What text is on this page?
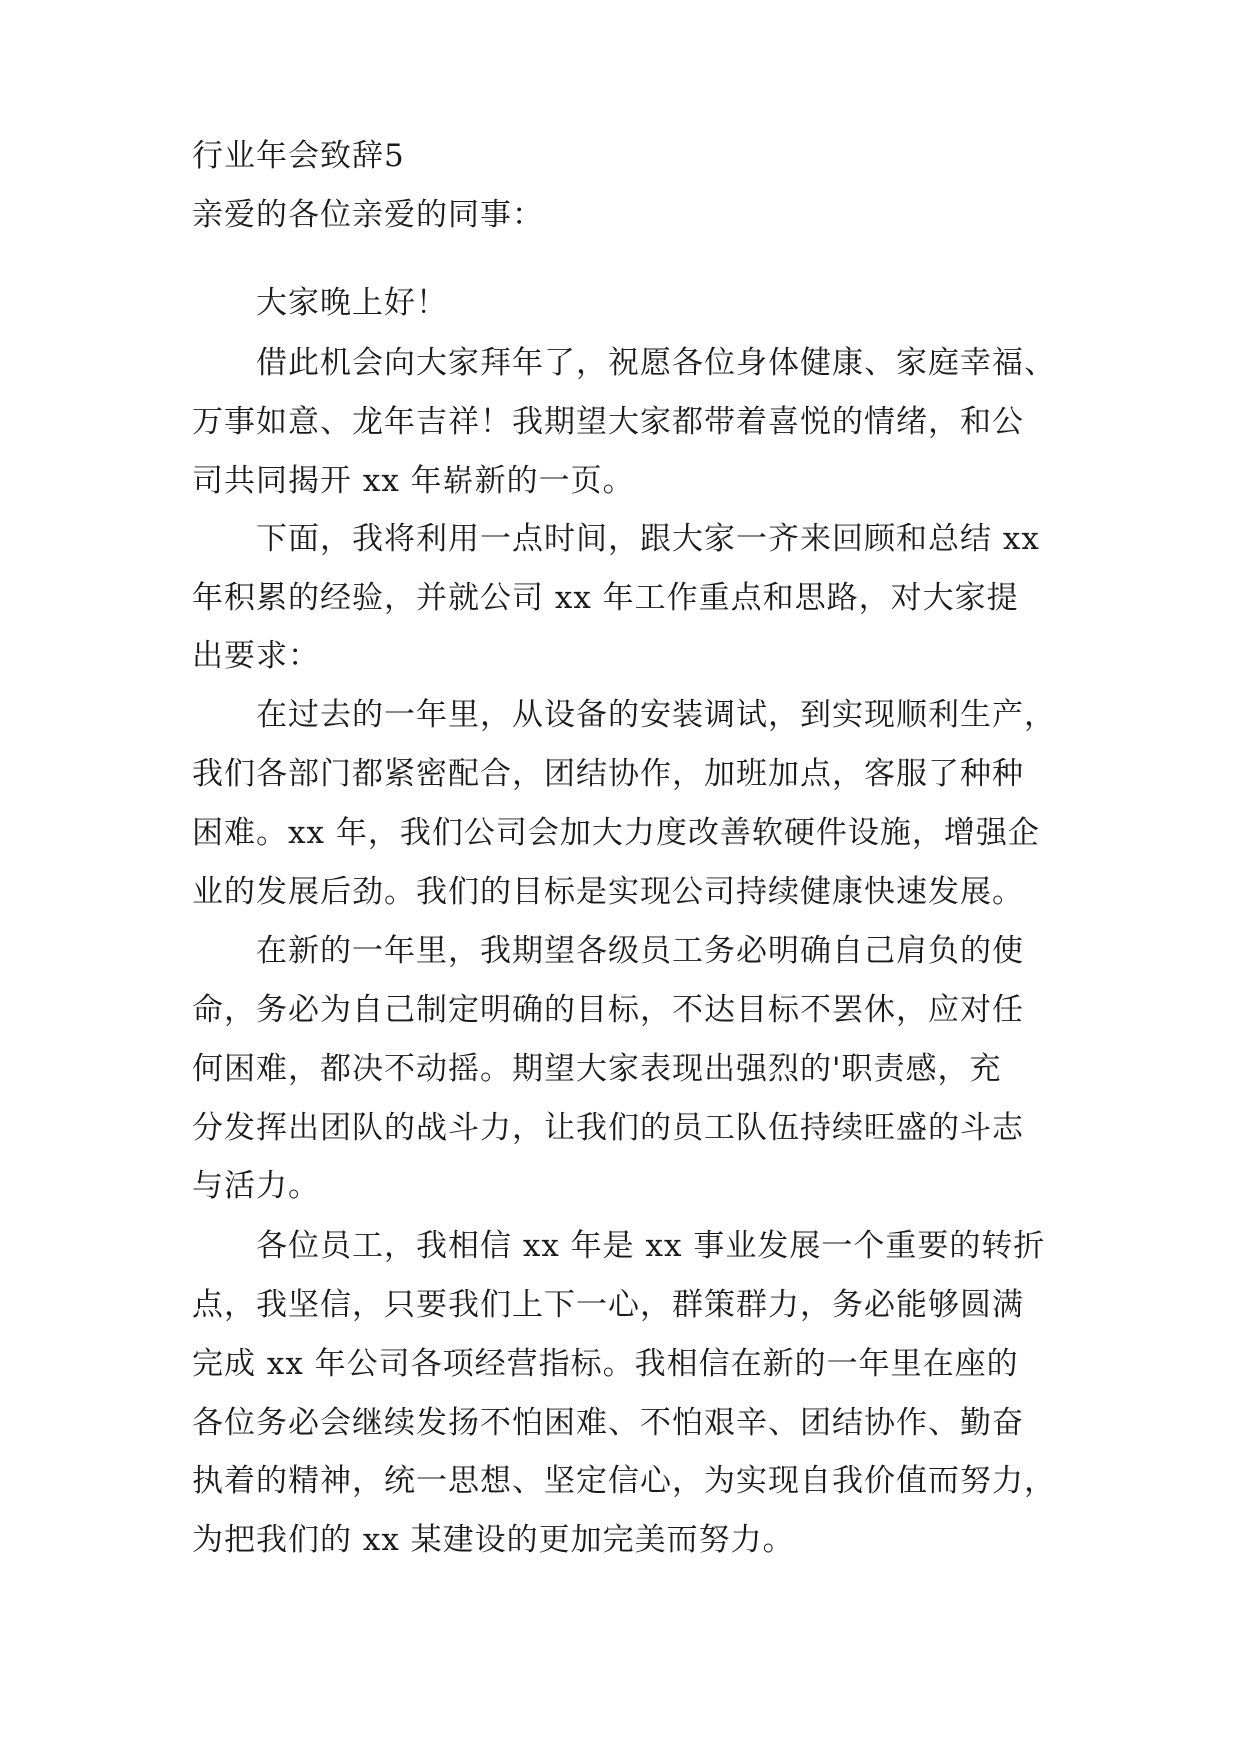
行业年会致辞5
亲爱的各位亲爱的同事：
大家晚上好！
借此机会向大家拜年了，祝愿各位身体健康、家庭幸福、
万事如意、龙年吉祥！我期望大家都带着喜悦的情绪，和公
司共同揭开 xx 年崭新的一页。
下面，我将利用一点时间，跟大家一齐来回顾和总结 xx
年积累的经验，并就公司 xx 年工作重点和思路，对大家提
出要求：
在过去的一年里，从设备的安装调试，到实现顺利生产，
我们各部门都紧密配合，团结协作，加班加点，客服了种种
困难。xx 年，我们公司会加大力度改善软硬件设施，增强企
业的发展后劲。我们的目标是实现公司持续健康快速发展。
在新的一年里，我期望各级员工务必明确自己肩负的使
命，务必为自己制定明确的目标，不达目标不罢休，应对任
何困难，都决不动摇。期望大家表现出强烈的'职责感，充
分发挥出团队的战斗力，让我们的员工队伍持续旺盛的斗志
与活力。
各位员工，我相信 xx 年是 xx 事业发展一个重要的转折
点，我坚信，只要我们上下一心，群策群力，务必能够圆满
完成 xx 年公司各项经营指标。我相信在新的一年里在座的
各位务必会继续发扬不怕困难、不怕艰辛、团结协作、勤奋
执着的精神，统一思想、坚定信心，为实现自我价值而努力，
为把我们的 xx 某建设的更加完美而努力。
